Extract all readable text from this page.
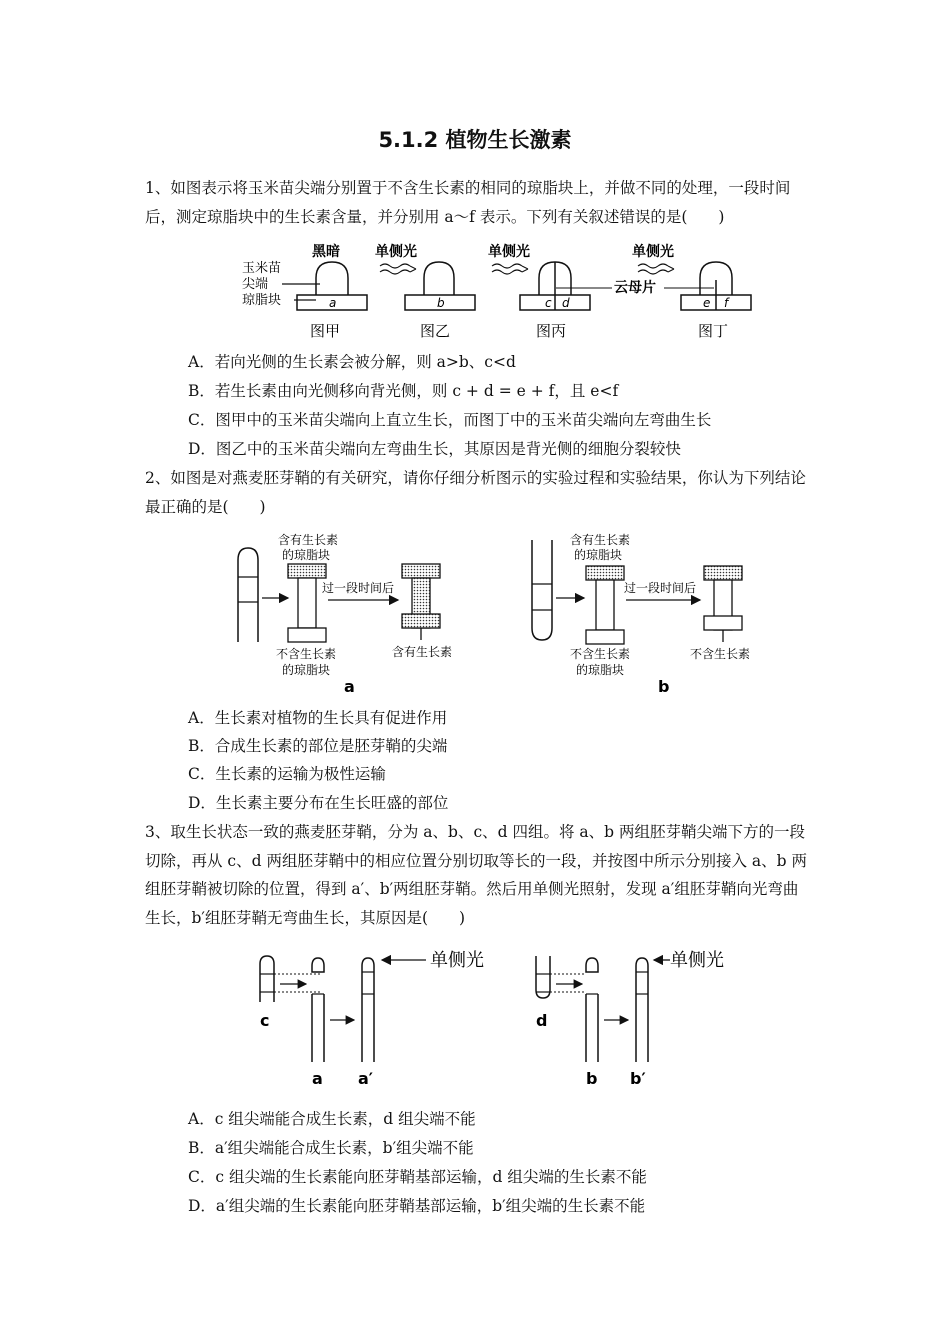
5.1.2 植物生长激素
1、如图表示将玉米苗尖端分别置于不含生长素的相同的琼脂块上，并做不同的处理，一段时间后，测定琼脂块中的生长素含量，并分别用 a～f 表示。下列有关叙述错误的是(　　)
玉米苗
尖端
琼脂块
黑暗
a
图甲
单侧光
b
图乙
单侧光
c d
图丙
云母片
单侧光
e f
图丁
A．若向光侧的生长素会被分解，则 a>b、c<d
B．若生长素由向光侧移向背光侧，则 c + d = e + f，且 e<f
C．图甲中的玉米苗尖端向上直立生长，而图丁中的玉米苗尖端向左弯曲生长
D．图乙中的玉米苗尖端向左弯曲生长，其原因是背光侧的细胞分裂较快
2、如图是对燕麦胚芽鞘的有关研究，请你仔细分析图示的实验过程和实验结果，你认为下列结论最正确的是(　　)
含有生长素
的琼脂块
不含生长素
的琼脂块
过一段时间后
含有生长素
a
含有生长素
的琼脂块
不含生长素
的琼脂块
过一段时间后
不含生长素
b
A．生长素对植物的生长具有促进作用
B．合成生长素的部位是胚芽鞘的尖端
C．生长素的运输为极性运输
D．生长素主要分布在生长旺盛的部位
3、取生长状态一致的燕麦胚芽鞘，分为 a、b、c、d 四组。将 a、b 两组胚芽鞘尖端下方的一段切除，再从 c、d 两组胚芽鞘中的相应位置分别切取等长的一段，并按图中所示分别接入 a、b 两组胚芽鞘被切除的位置，得到 a′、b′两组胚芽鞘。然后用单侧光照射，发现 a′组胚芽鞘向光弯曲生长，b′组胚芽鞘无弯曲生长，其原因是(　　)
c
a a′
单侧光
d
b b′
单侧光
A．c 组尖端能合成生长素，d 组尖端不能
B．a′组尖端能合成生长素，b′组尖端不能
C．c 组尖端的生长素能向胚芽鞘基部运输，d 组尖端的生长素不能
D．a′组尖端的生长素能向胚芽鞘基部运输，b′组尖端的生长素不能
